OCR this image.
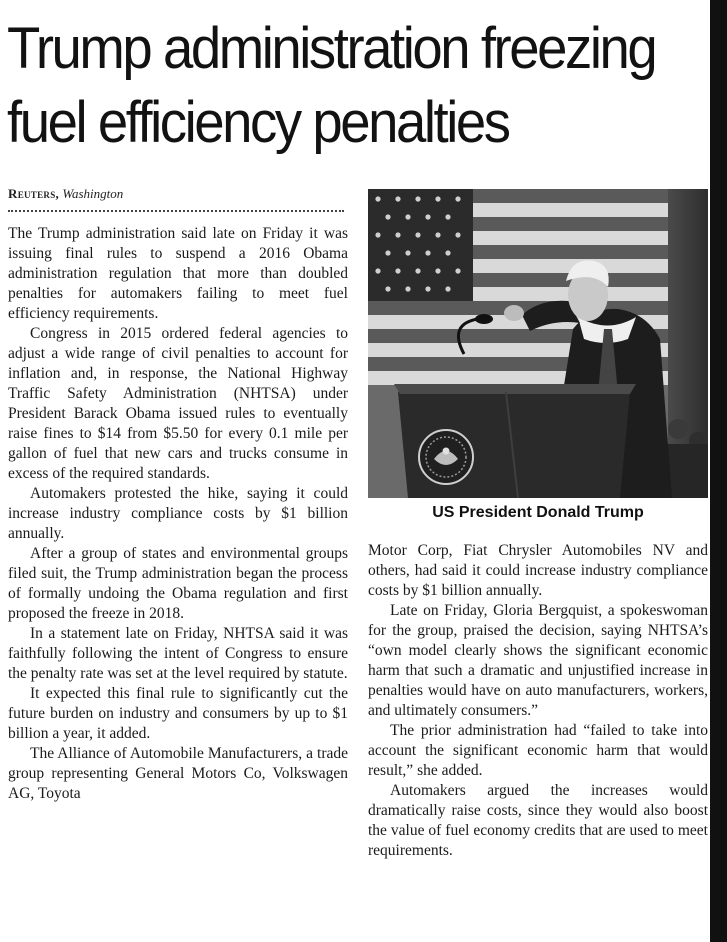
Trump administration freezing fuel efficiency penalties
Reuters, Washington

The Trump administration said late on Friday it was issuing final rules to suspend a 2016 Obama administration regulation that more than doubled penalties for automakers failing to meet fuel efficiency requirements.

Congress in 2015 ordered federal agencies to adjust a wide range of civil penalties to account for inflation and, in response, the National Highway Traffic Safety Administration (NHTSA) under President Barack Obama issued rules to eventually raise fines to $14 from $5.50 for every 0.1 mile per gallon of fuel that new cars and trucks consume in excess of the required standards.

Automakers protested the hike, saying it could increase industry compliance costs by $1 billion annually.

After a group of states and environmental groups filed suit, the Trump administration began the process of formally undoing the Obama regulation and first proposed the freeze in 2018.

In a statement late on Friday, NHTSA said it was faithfully following the intent of Congress to ensure the penalty rate was set at the level required by statute.

It expected this final rule to significantly cut the future burden on industry and consumers by up to $1 billion a year, it added.

The Alliance of Automobile Manufacturers, a trade group representing General Motors Co, Volkswagen AG, Toyota

US President Donald Trump

Motor Corp, Fiat Chrysler Automobiles NV and others, had said it could increase industry compliance costs by $1 billion annually.

Late on Friday, Gloria Bergquist, a spokeswoman for the group, praised the decision, saying NHTSA’s “own model clearly shows the significant economic harm that such a dramatic and unjustified increase in penalties would have on auto manufacturers, workers, and ultimately consumers.”

The prior administration had “failed to take into account the significant economic harm that would result,” she added.

Automakers argued the increases would dramatically raise costs, since they would also boost the value of fuel economy credits that are used to meet requirements.
